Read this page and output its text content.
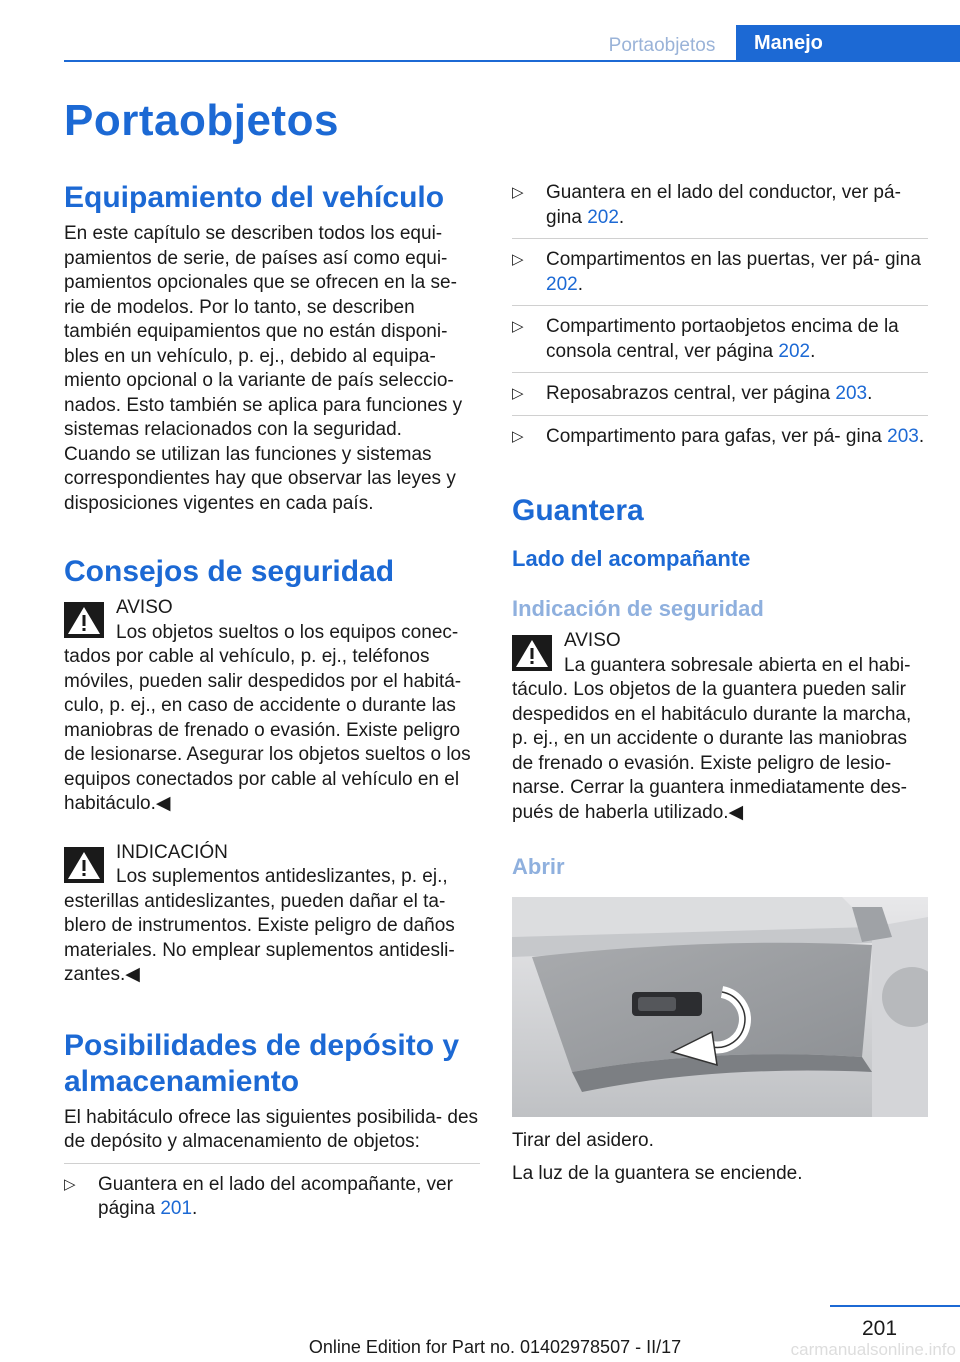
Portaobjetos	Manejo
Portaobjetos
Equipamiento del vehículo

En este capítulo se describen todos los equi- pamientos de serie, de países así como equi- pamientos opcionales que se ofrecen en la se- rie de modelos. Por lo tanto, se describen también equipamientos que no están disponi- bles en un vehículo, p. ej., debido al equipa- miento opcional o la variante de país seleccio- nados. Esto también se aplica para funciones y sistemas relacionados con la seguridad.

Cuando se utilizan las funciones y sistemas correspondientes hay que observar las leyes y disposiciones vigentes en cada país.

Consejos de seguridad
AVISO
Los objetos sueltos o los equipos conec-
tados por cable al vehículo, p. ej., teléfonos móviles, pueden salir despedidos por el habitá- culo, p. ej., en caso de accidente o durante las maniobras de frenado o evasión. Existe peligro de lesionarse. Asegurar los objetos sueltos o los equipos conectados por cable al vehículo en el habitáculo.◀
INDICACIÓN
Los suplementos antideslizantes, p. ej.,
esterillas antideslizantes, pueden dañar el ta- blero de instrumentos. Existe peligro de daños materiales. No emplear suplementos antidesli- zantes.◀
Posibilidades de depósito y almacenamiento

El habitáculo ofrece las siguientes posibilida- des de depósito y almacenamiento de objetos:

▷ Guantera en el lado del acompañante, ver página 201.
▷ Guantera en el lado del conductor, ver pá- gina 202.
▷ Compartimentos en las puertas, ver pá- gina 202.
▷ Compartimento portaobjetos encima de la consola central, ver página 202.
▷ Reposabrazos central, ver página 203.
▷ Compartimento para gafas, ver pá- gina 203.
Guantera
Lado del acompañante
Indicación de seguridad
AVISO
La guantera sobresale abierta en el habi-
táculo. Los objetos de la guantera pueden salir despedidos en el habitáculo durante la marcha, p. ej., en un accidente o durante las maniobras de frenado o evasión. Existe peligro de lesio- narse. Cerrar la guantera inmediatamente des- pués de haberla utilizado.◀
Abrir

Tirar del asidero.

La luz de la guantera se enciende.

201
Online Edition for Part no. 01402978507 - II/17	carmanualsonline.info
